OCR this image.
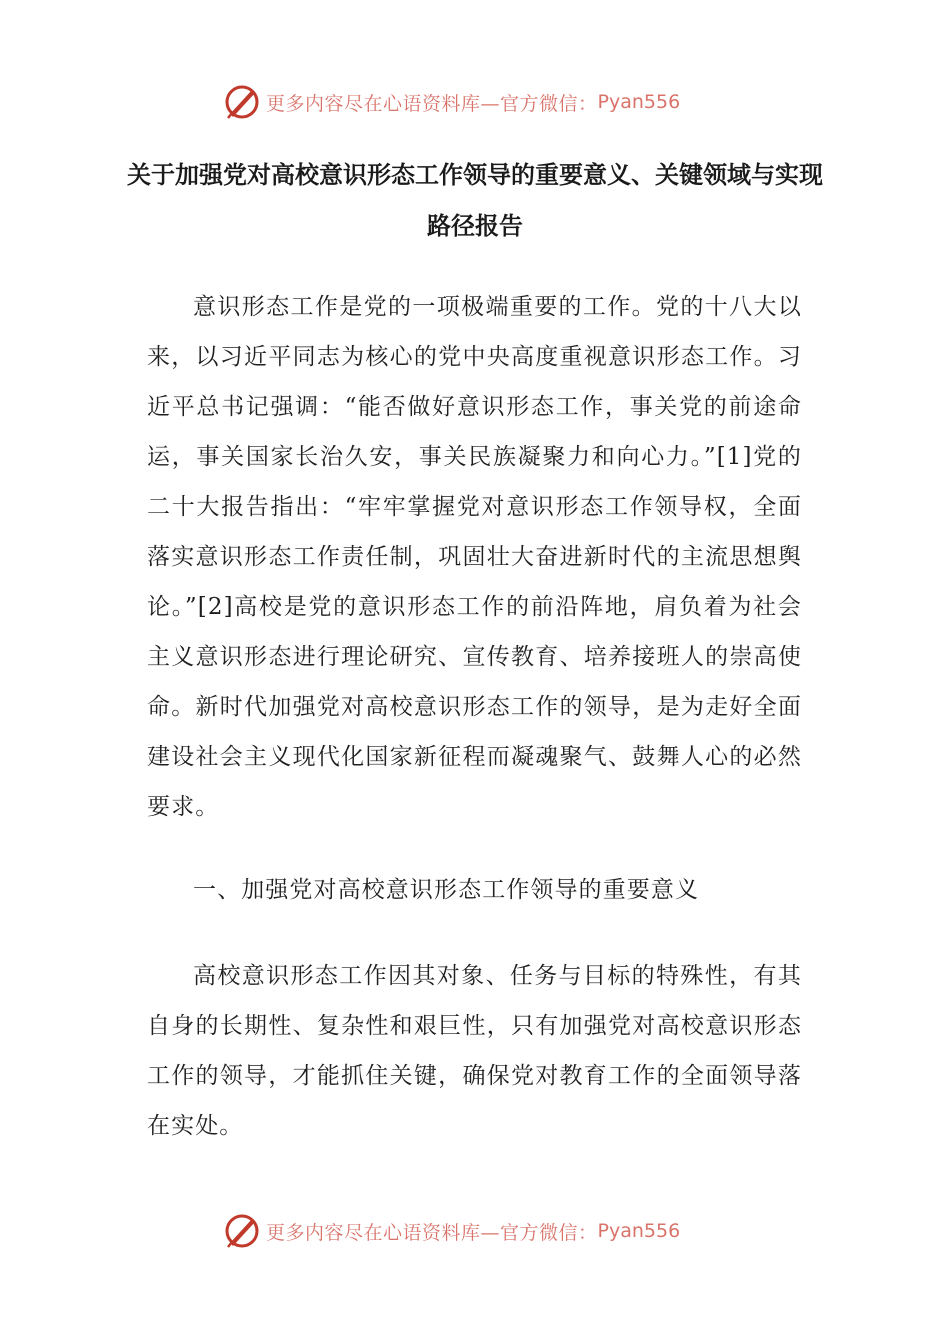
更多内容尽在心语资料库—官方微信： Pyan556
关于加强党对高校意识形态工作领导的重要意义、关键领域与实现路径报告

意识形态工作是党的一项极端重要的工作。党的十八大以来，以习近平同志为核心的党中央高度重视意识形态工作。习近平总书记强调：“能否做好意识形态工作，事关党的前途命运，事关国家长治久安，事关民族凝聚力和向心力。”[1]党的二十大报告指出：“牢牢掌握党对意识形态工作领导权，全面落实意识形态工作责任制，巩固壮大奋进新时代的主流思想舆论。”[2]高校是党的意识形态工作的前沿阵地，肩负着为社会主义意识形态进行理论研究、宣传教育、培养接班人的崇高使命。新时代加强党对高校意识形态工作的领导，是为走好全面建设社会主义现代化国家新征程而凝魂聚气、鼓舞人心的必然要求。

一、加强党对高校意识形态工作领导的重要意义

高校意识形态工作因其对象、任务与目标的特殊性，有其自身的长期性、复杂性和艰巨性，只有加强党对高校意识形态工作的领导，才能抓住关键，确保党对教育工作的全面领导落在实处。

更多内容尽在心语资料库—官方微信： Pyan556
